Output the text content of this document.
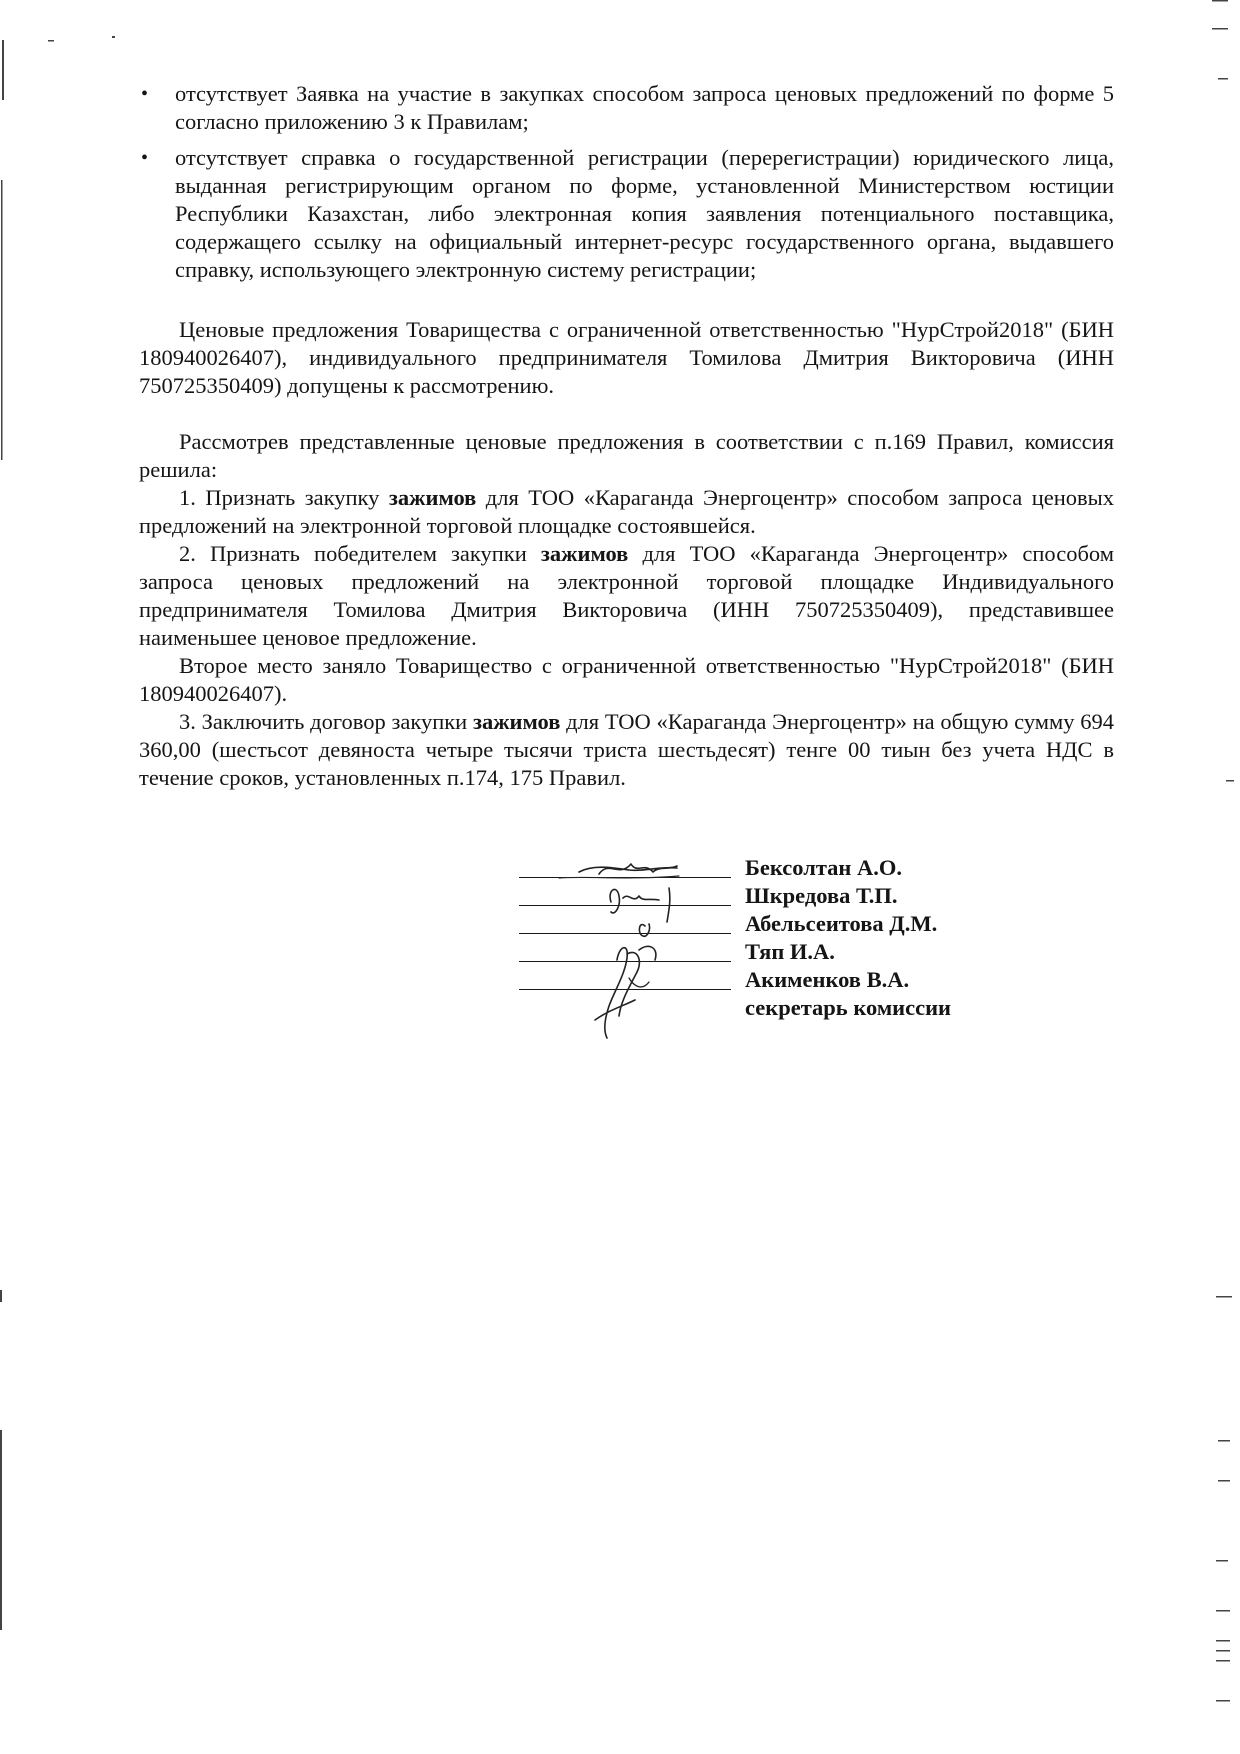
• отсутствует Заявка на участие в закупках способом запроса ценовых предложений по форме 5 согласно приложению 3 к Правилам;
• отсутствует справка о государственной регистрации (перерегистрации) юридического лица, выданная регистрирующим органом по форме, установленной Министерством юстиции Республики Казахстан, либо электронная копия заявления потенциального поставщика, содержащего ссылку на официальный интернет-ресурс государственного органа, выдавшего справку, использующего электронную систему регистрации;

Ценовые предложения Товарищества с ограниченной ответственностью "НурСтрой2018" (БИН 180940026407), индивидуального предпринимателя Томилова Дмитрия Викторовича (ИНН 750725350409) допущены к рассмотрению.

Рассмотрев представленные ценовые предложения в соответствии с п.169 Правил, комиссия решила:

1. Признать закупку зажимов для ТОО «Караганда Энергоцентр» способом запроса ценовых предложений на электронной торговой площадке состоявшейся.

2. Признать победителем закупки зажимов для ТОО «Караганда Энергоцентр» способом запроса ценовых предложений на электронной торговой площадке Индивидуального предпринимателя Томилова Дмитрия Викторовича (ИНН 750725350409), представившее наименьшее ценовое предложение.

Второе место заняло Товарищество с ограниченной ответственностью "НурСтрой2018" (БИН 180940026407).

3. Заключить договор закупки зажимов для ТОО «Караганда Энергоцентр» на общую сумму 694 360,00 (шестьсот девяноста четыре тысячи триста шестьдесят) тенге 00 тиын без учета НДС в течение сроков, установленных п.174, 175 Правил.

Бексолтан А.О.
Шкредова Т.П.
Абельсеитова Д.М.
Тяп И.А.
Акименков В.А.
секретарь комиссии
